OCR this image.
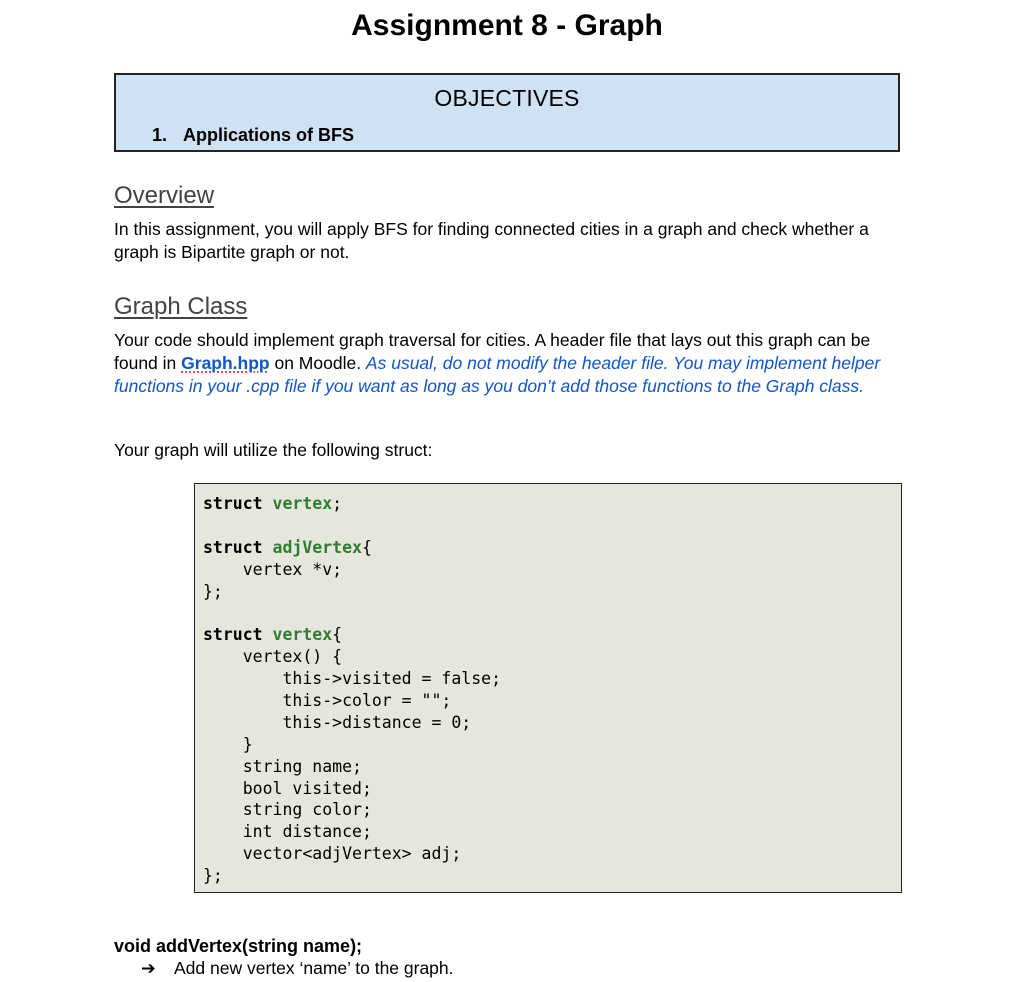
Assignment 8 - Graph
OBJECTIVES
1. Applications of BFS
Overview
In this assignment, you will apply BFS for finding connected cities in a graph and check whether a graph is Bipartite graph or not.
Graph Class
Your code should implement graph traversal for cities. A header file that lays out this graph can be found in Graph.hpp on Moodle. As usual, do not modify the header file. You may implement helper functions in your .cpp file if you want as long as you don’t add those functions to the Graph class.
Your graph will utilize the following struct:
struct vertex;
struct adjVertex{
vertex *v;
};
struct vertex{
vertex() {
this->visited = false;
this->color = "";
this->distance = 0;
}
string name;
bool visited;
string color;
int distance;
vector<adjVertex> adj;
};
void addVertex(string name);
➔ Add new vertex ‘name’ to the graph.
